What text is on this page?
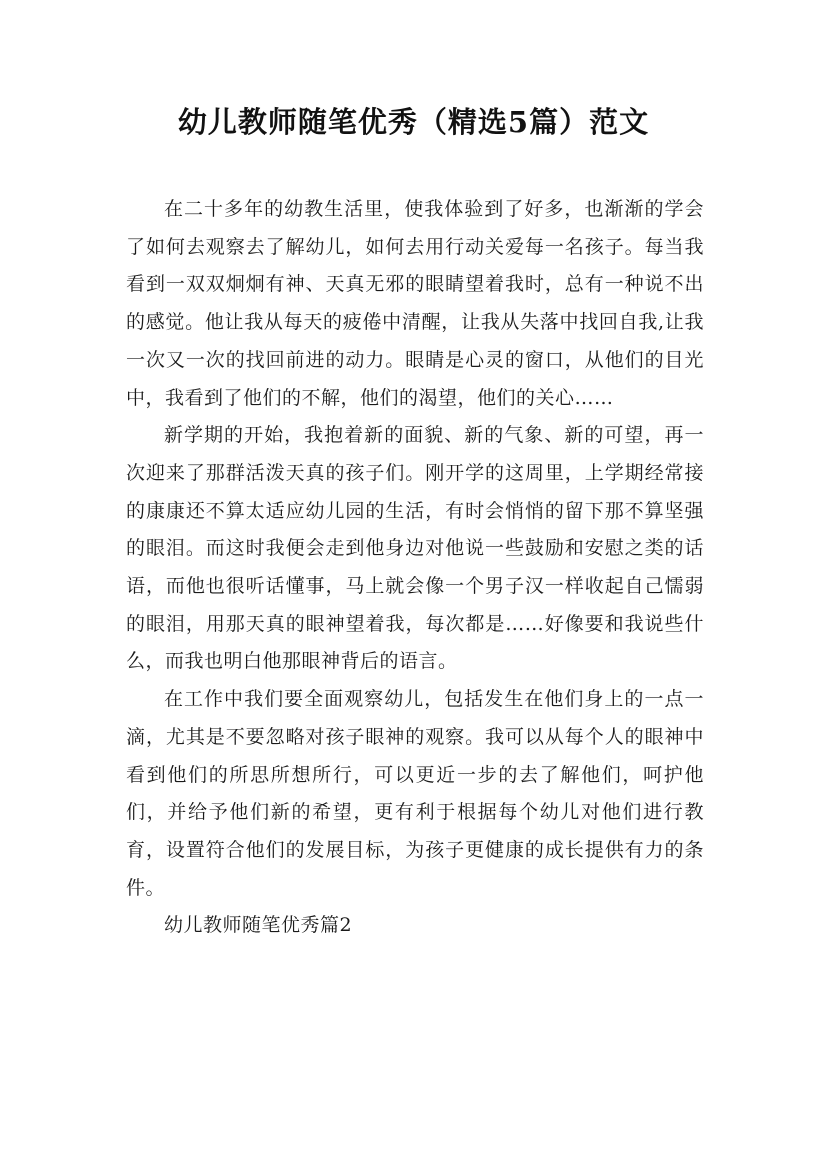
幼儿教师随笔优秀（精选5篇）范文

在二十多年的幼教生活里，使我体验到了好多，也渐渐的学会了如何去观察去了解幼儿，如何去用行动关爱每一名孩子。每当我看到一双双炯炯有神、天真无邪的眼睛望着我时，总有一种说不出的感觉。他让我从每天的疲倦中清醒，让我从失落中找回自我,让我一次又一次的找回前进的动力。眼睛是心灵的窗口，从他们的目光中，我看到了他们的不解，他们的渴望，他们的关心……

新学期的开始，我抱着新的面貌、新的气象、新的可望，再一次迎来了那群活泼天真的孩子们。刚开学的这周里，上学期经常接的康康还不算太适应幼儿园的生活，有时会悄悄的留下那不算坚强的眼泪。而这时我便会走到他身边对他说一些鼓励和安慰之类的话语，而他也很听话懂事，马上就会像一个男子汉一样收起自己懦弱的眼泪，用那天真的眼神望着我，每次都是……好像要和我说些什么，而我也明白他那眼神背后的语言。

在工作中我们要全面观察幼儿，包括发生在他们身上的一点一滴，尤其是不要忽略对孩子眼神的观察。我可以从每个人的眼神中看到他们的所思所想所行，可以更近一步的去了解他们，呵护他们，并给予他们新的希望，更有利于根据每个幼儿对他们进行教育，设置符合他们的发展目标，为孩子更健康的成长提供有力的条件。

幼儿教师随笔优秀篇2
